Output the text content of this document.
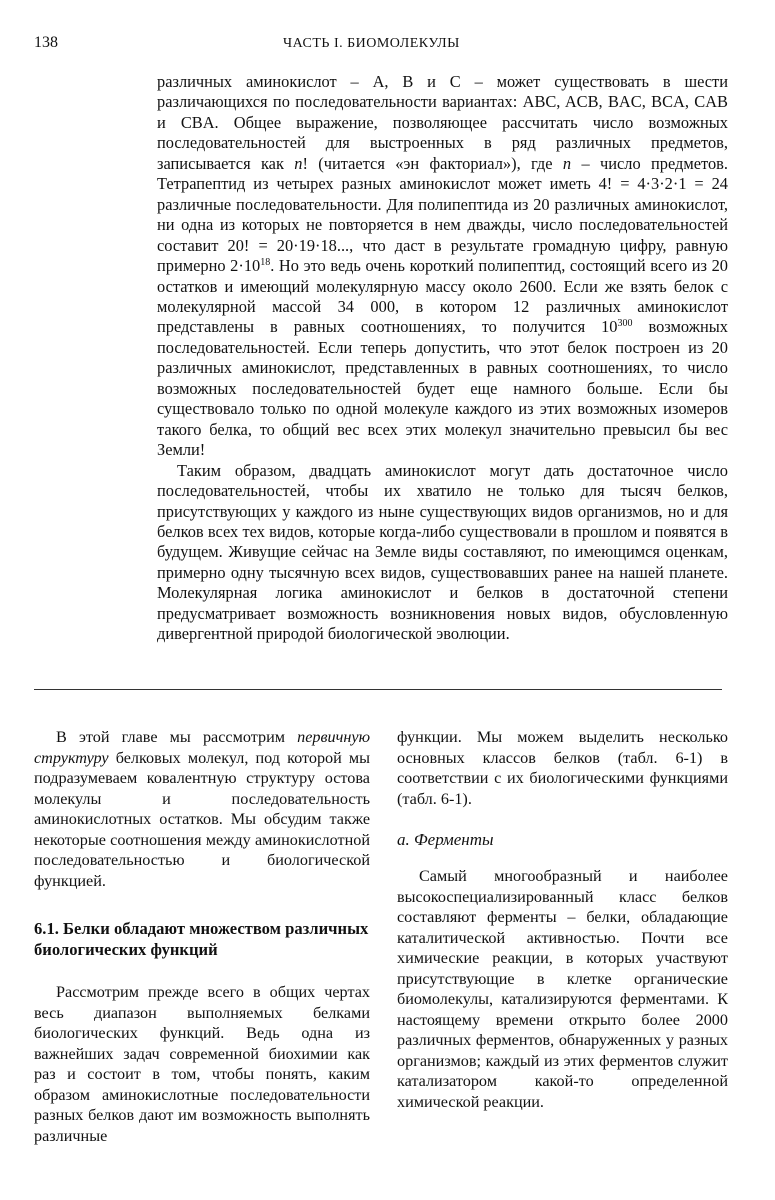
138	ЧАСТЬ I. БИОМОЛЕКУЛЫ

различных аминокислот – A, B и C – может существовать в шести различающихся по последовательности вариантах: ABC, ACB, BAC, BCA, CAB и CBA. Общее выражение, позволяющее рассчитать число возможных последовательностей для выстроенных в ряд различных предметов, записывается как n! (читается «эн факториал»), где n – число предметов. Тетрапептид из четырех разных аминокислот может иметь 4! = 4·3·2·1 = 24 различные последовательности. Для полипептида из 20 различных аминокислот, ни одна из которых не повторяется в нем дважды, число последовательностей составит 20! = 20·19·18..., что даст в результате громадную цифру, равную примерно $2\cdot 10^{18}$. Но это ведь очень короткий полипептид, состоящий всего из 20 остатков и имеющий молекулярную массу около 2600. Если же взять белок с молекулярной массой 34 000, в котором 12 различных аминокислот представлены в равных соотношениях, то получится $10^{300}$ возможных последовательностей. Если теперь допустить, что этот белок построен из 20 различных аминокислот, представленных в равных соотношениях, то число возможных последовательностей будет еще намного больше. Если бы существовало только по одной молекуле каждого из этих возможных изомеров такого белка, то общий вес всех этих молекул значительно превысил бы вес Земли!

Таким образом, двадцать аминокислот могут дать достаточное число последовательностей, чтобы их хватило не только для тысяч белков, присутствующих у каждого из ныне существующих видов организмов, но и для белков всех тех видов, которые когда-либо существовали в прошлом и появятся в будущем. Живущие сейчас на Земле виды составляют, по имеющимся оценкам, примерно одну тысячную всех видов, существовавших ранее на нашей планете. Молекулярная логика аминокислот и белков в достаточной степени предусматривает возможность возникновения новых видов, обусловленную дивергентной природой биологической эволюции.

В этой главе мы рассмотрим первичную структуру белковых молекул, под которой мы подразумеваем ковалентную структуру остова молекулы и последовательность аминокислотных остатков. Мы обсудим также некоторые соотношения между аминокислотной последовательностью и биологической функцией.

6.1. Белки обладают множеством различных биологических функций

Рассмотрим прежде всего в общих чертах весь диапазон выполняемых белками биологических функций. Ведь одна из важнейших задач современной биохимии как раз и состоит в том, чтобы понять, каким образом аминокислотные последовательности разных белков дают им возможность выполнять различные

функции. Мы можем выделить несколько основных классов белков (табл. 6-1) в соответствии с их биологическими функциями (табл. 6-1).

а. Ферменты

Самый многообразный и наиболее высокоспециализированный класс белков составляют ферменты – белки, обладающие каталитической активностью. Почти все химические реакции, в которых участвуют присутствующие в клетке органические биомолекулы, катализируются ферментами. К настоящему времени открыто более 2000 различных ферментов, обнаруженных у разных организмов; каждый из этих ферментов служит катализатором какой-то определенной химической реакции.
